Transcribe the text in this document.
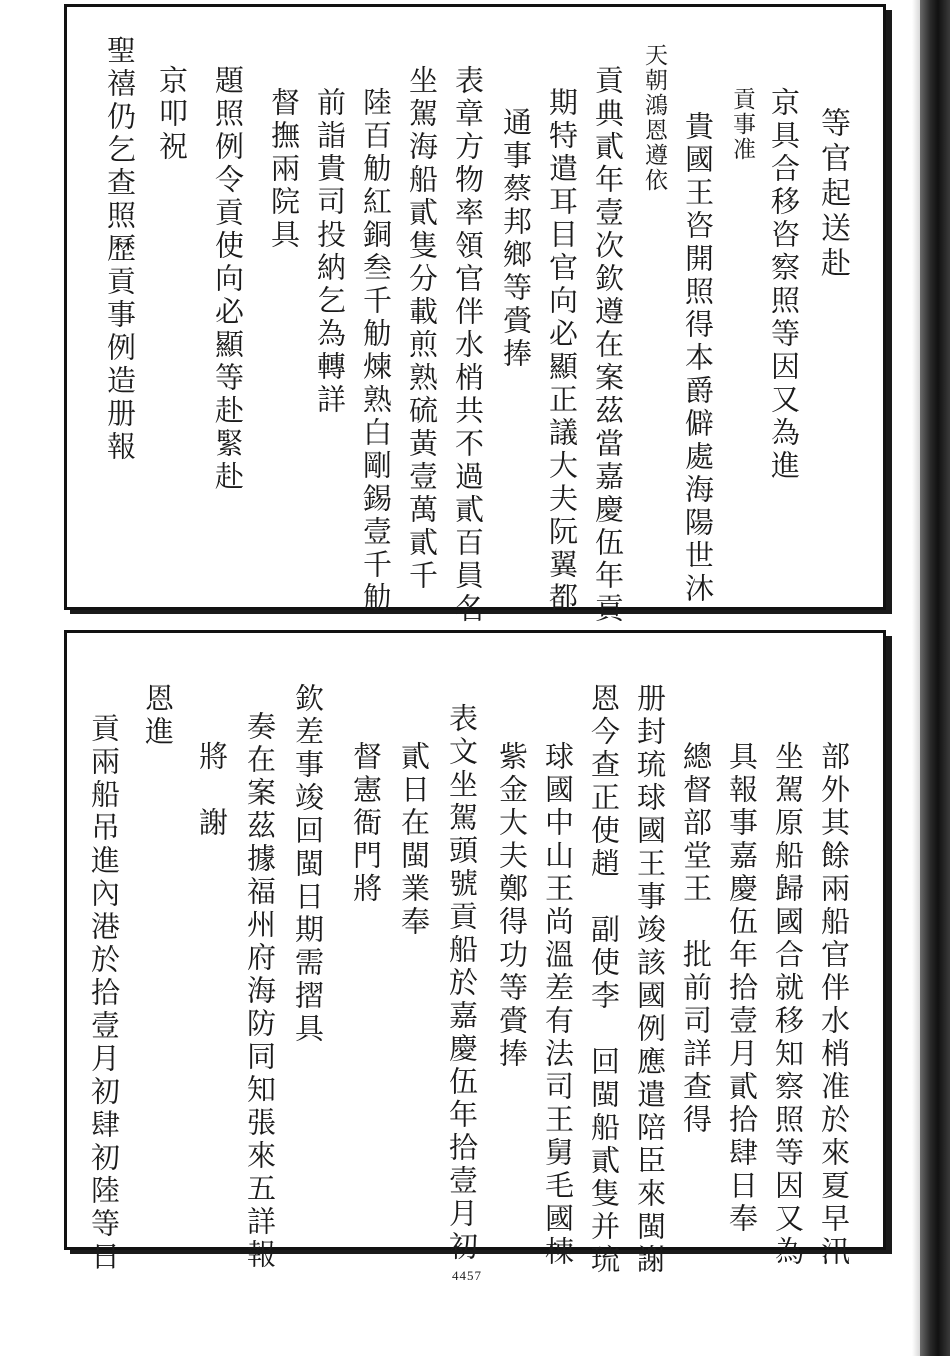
等官起送赴
京具合移咨察照等因又為進
貢事准
貴國王咨開照得本爵僻處海陽世沐
天朝鴻恩遵依
貢典貳年壹次欽遵在案茲當嘉慶伍年貢
期特遣耳目官向必顯正議大夫阮翼都
通事蔡邦鄉等賫捧
表章方物率領官伴水梢共不過貳百員名
坐駕海船貳隻分載煎熟硫黃壹萬貳千
陸百觔紅銅叁千觔煉熟白剛錫壹千觔
前詣貴司投納乞為轉詳
督撫兩院具
題照例令貢使向必顯等赴緊赴
京叩祝
聖禧仍乞查照歷貢事例造册報
部外其餘兩船官伴水梢准於來夏早汛
坐駕原船歸國合就移知察照等因又為
具報事嘉慶伍年拾壹月貳拾肆日奉
總督部堂王　批前司詳查得
册封琉球國王事竣該國例應遣陪臣來閩謝
恩今查正使趙　副使李　回閩船貳隻并琉
球國中山王尚溫差有法司王舅毛國棟
紫金大夫鄭得功等賫捧
表文坐駕頭號貢船於嘉慶伍年拾壹月初
貳日在閩業奉
督憲衙門將
欽差事竣回閩日期需摺具
奏在案茲據福州府海防同知張來五詳報
將　謝
恩進
貢兩船吊進內港於拾壹月初肆初陸等日
4457
